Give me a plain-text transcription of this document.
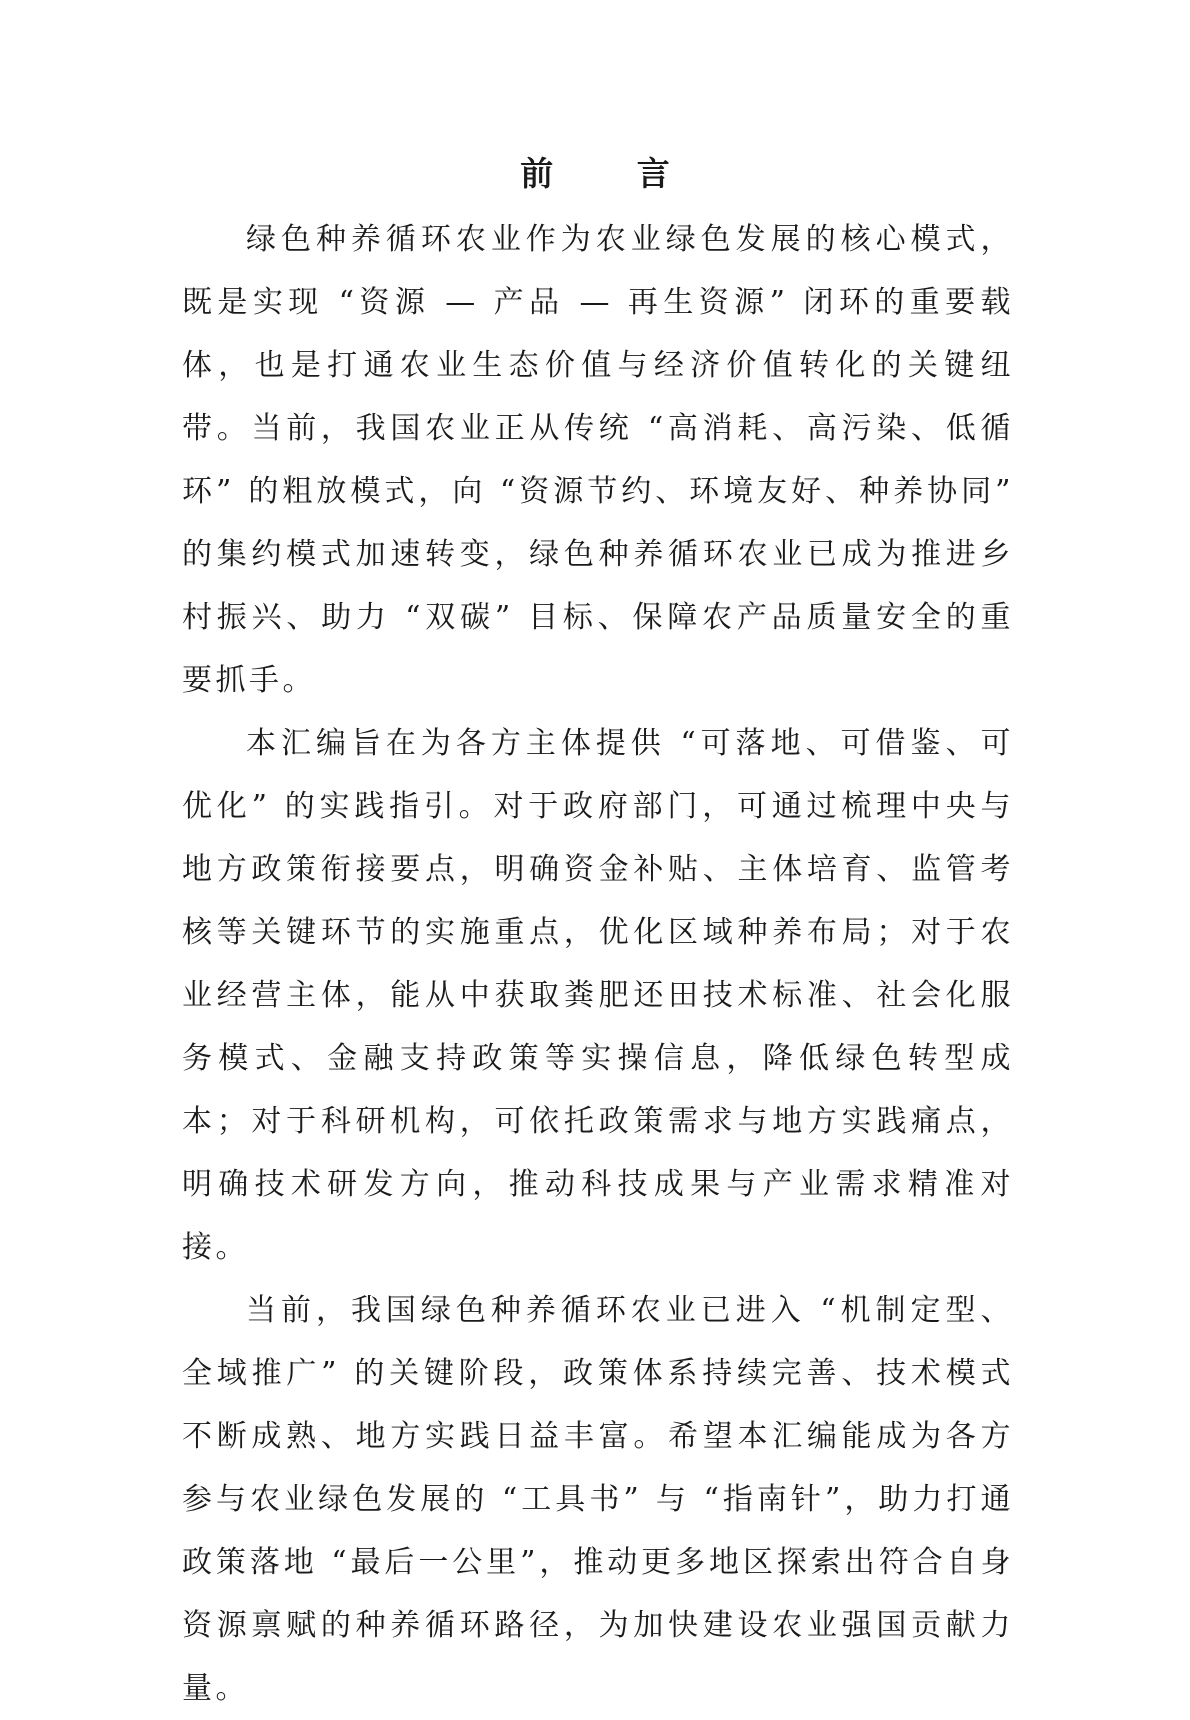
前 言

绿色种养循环农业作为农业绿色发展的核心模式，既是实现 “资源 — 产品 — 再生资源” 闭环的重要载体，也是打通农业生态价值与经济价值转化的关键纽带。当前，我国农业正从传统 “高消耗、高污染、低循环” 的粗放模式，向 “资源节约、环境友好、种养协同” 的集约模式加速转变，绿色种养循环农业已成为推进乡村振兴、助力 “双碳” 目标、保障农产品质量安全的重要抓手。

本汇编旨在为各方主体提供 “可落地、可借鉴、可优化” 的实践指引。对于政府部门，可通过梳理中央与地方政策衔接要点，明确资金补贴、主体培育、监管考核等关键环节的实施重点，优化区域种养布局；对于农业经营主体，能从中获取粪肥还田技术标准、社会化服务模式、金融支持政策等实操信息，降低绿色转型成本；对于科研机构，可依托政策需求与地方实践痛点，明确技术研发方向，推动科技成果与产业需求精准对接。

当前，我国绿色种养循环农业已进入 “机制定型、全域推广” 的关键阶段，政策体系持续完善、技术模式不断成熟、地方实践日益丰富。希望本汇编能成为各方参与农业绿色发展的 “工具书” 与 “指南针”，助力打通政策落地 “最后一公里”，推动更多地区探索出符合自身资源禀赋的种养循环路径，为加快建设农业强国贡献力量。
